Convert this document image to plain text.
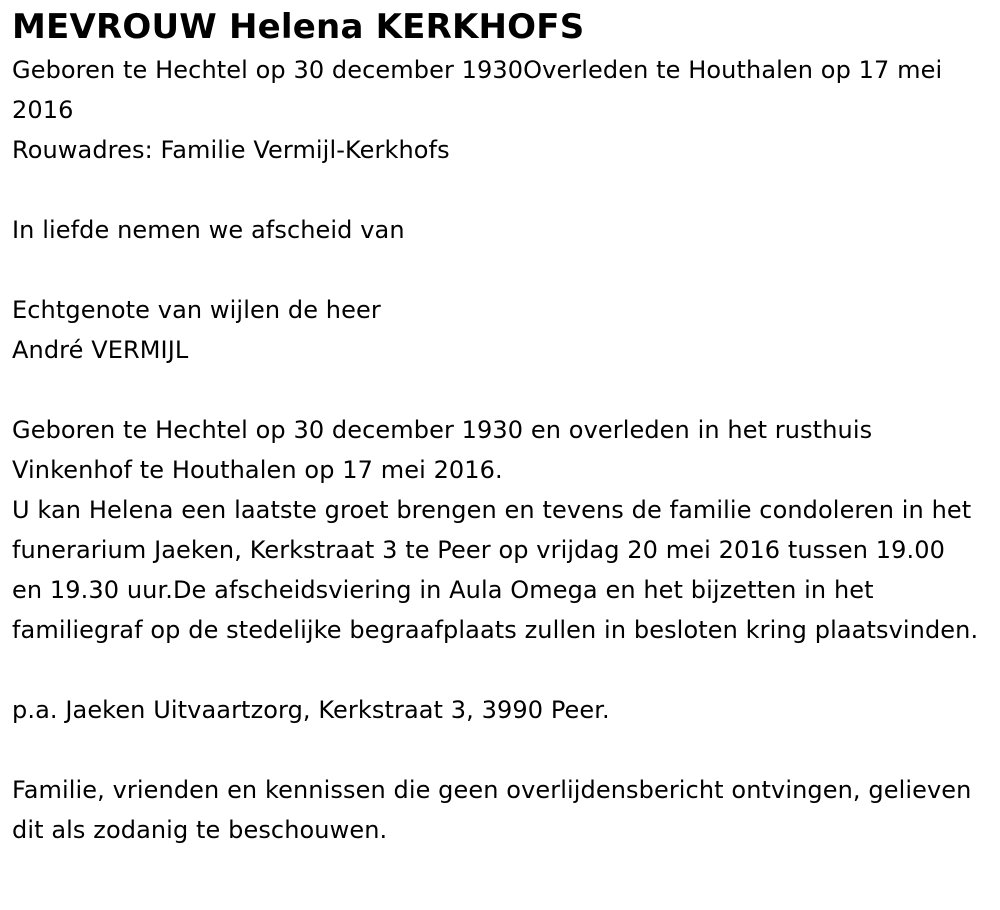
MEVROUW Helena KERKHOFS

Geboren te Hechtel op 30 december 1930Overleden te Houthalen op 17 mei 2016

Rouwadres: Familie Vermijl-Kerkhofs

In liefde nemen we afscheid van

Echtgenote van wijlen de heer

André VERMIJL

Geboren te Hechtel op 30 december 1930 en overleden in het rusthuis Vinkenhof te Houthalen op 17 mei 2016.

U kan Helena een laatste groet brengen en tevens de familie condoleren in het funerarium Jaeken, Kerkstraat 3 te Peer op vrijdag 20 mei 2016 tussen 19.00 en 19.30 uur.De afscheidsviering in Aula Omega en het bijzetten in het familiegraf op de stedelijke begraafplaats zullen in besloten kring plaatsvinden.

p.a. Jaeken Uitvaartzorg, Kerkstraat 3, 3990 Peer.

Familie, vrienden en kennissen die geen overlijdensbericht ontvingen, gelieven dit als zodanig te beschouwen.
